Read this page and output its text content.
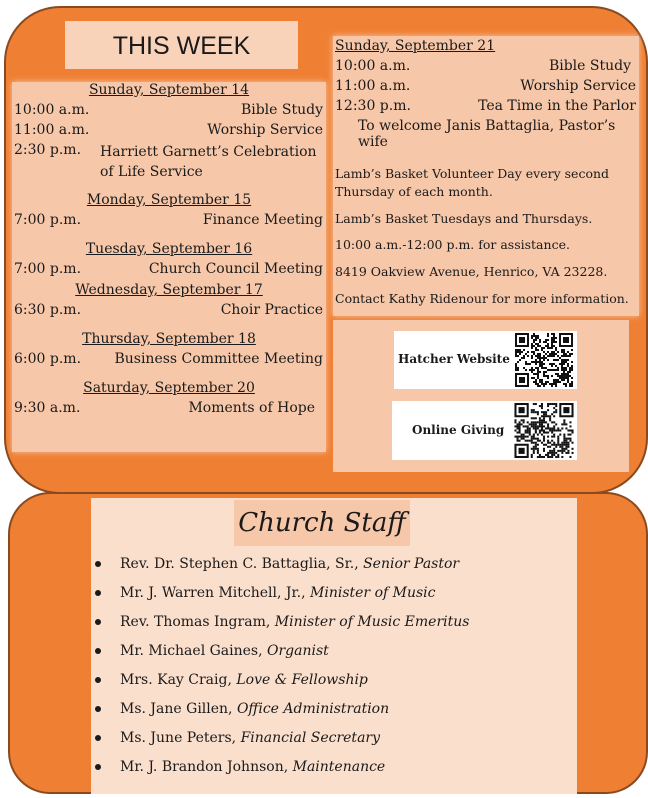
THIS WEEK
Sunday, September 14
10:00 a.m.	Bible Study
11:00 a.m.	Worship Service
2:30 p.m. Harriett Garnett’s Celebration of Life Service
Monday, September 15
7:00 p.m.	Finance Meeting
Tuesday, September 16
7:00 p.m.	Church Council Meeting
Wednesday, September 17
6:30 p.m.	Choir Practice
Thursday, September 18
6:00 p.m. Business Committee Meeting
Saturday, September 20
9:30 a.m.	Moments of Hope
Sunday, September 21
10:00 a.m.	Bible Study
11:00 a.m.	Worship Service
12:30 p.m.	Tea Time in the Parlor
To welcome Janis Battaglia, Pastor’s wife
Lamb’s Basket Volunteer Day every second Thursday of each month.
Lamb’s Basket Tuesdays and Thursdays.
10:00 a.m.-12:00 p.m. for assistance.
8419 Oakview Avenue, Henrico, VA 23228.
Contact Kathy Ridenour for more information.
Hatcher Website
Online Giving
Church Staff
Rev. Dr. Stephen C. Battaglia, Sr., Senior Pastor
Mr. J. Warren Mitchell, Jr., Minister of Music
Rev. Thomas Ingram, Minister of Music Emeritus
Mr. Michael Gaines, Organist
Mrs. Kay Craig, Love & Fellowship
Ms. Jane Gillen, Office Administration
Ms. June Peters, Financial Secretary
Mr. J. Brandon Johnson, Maintenance
